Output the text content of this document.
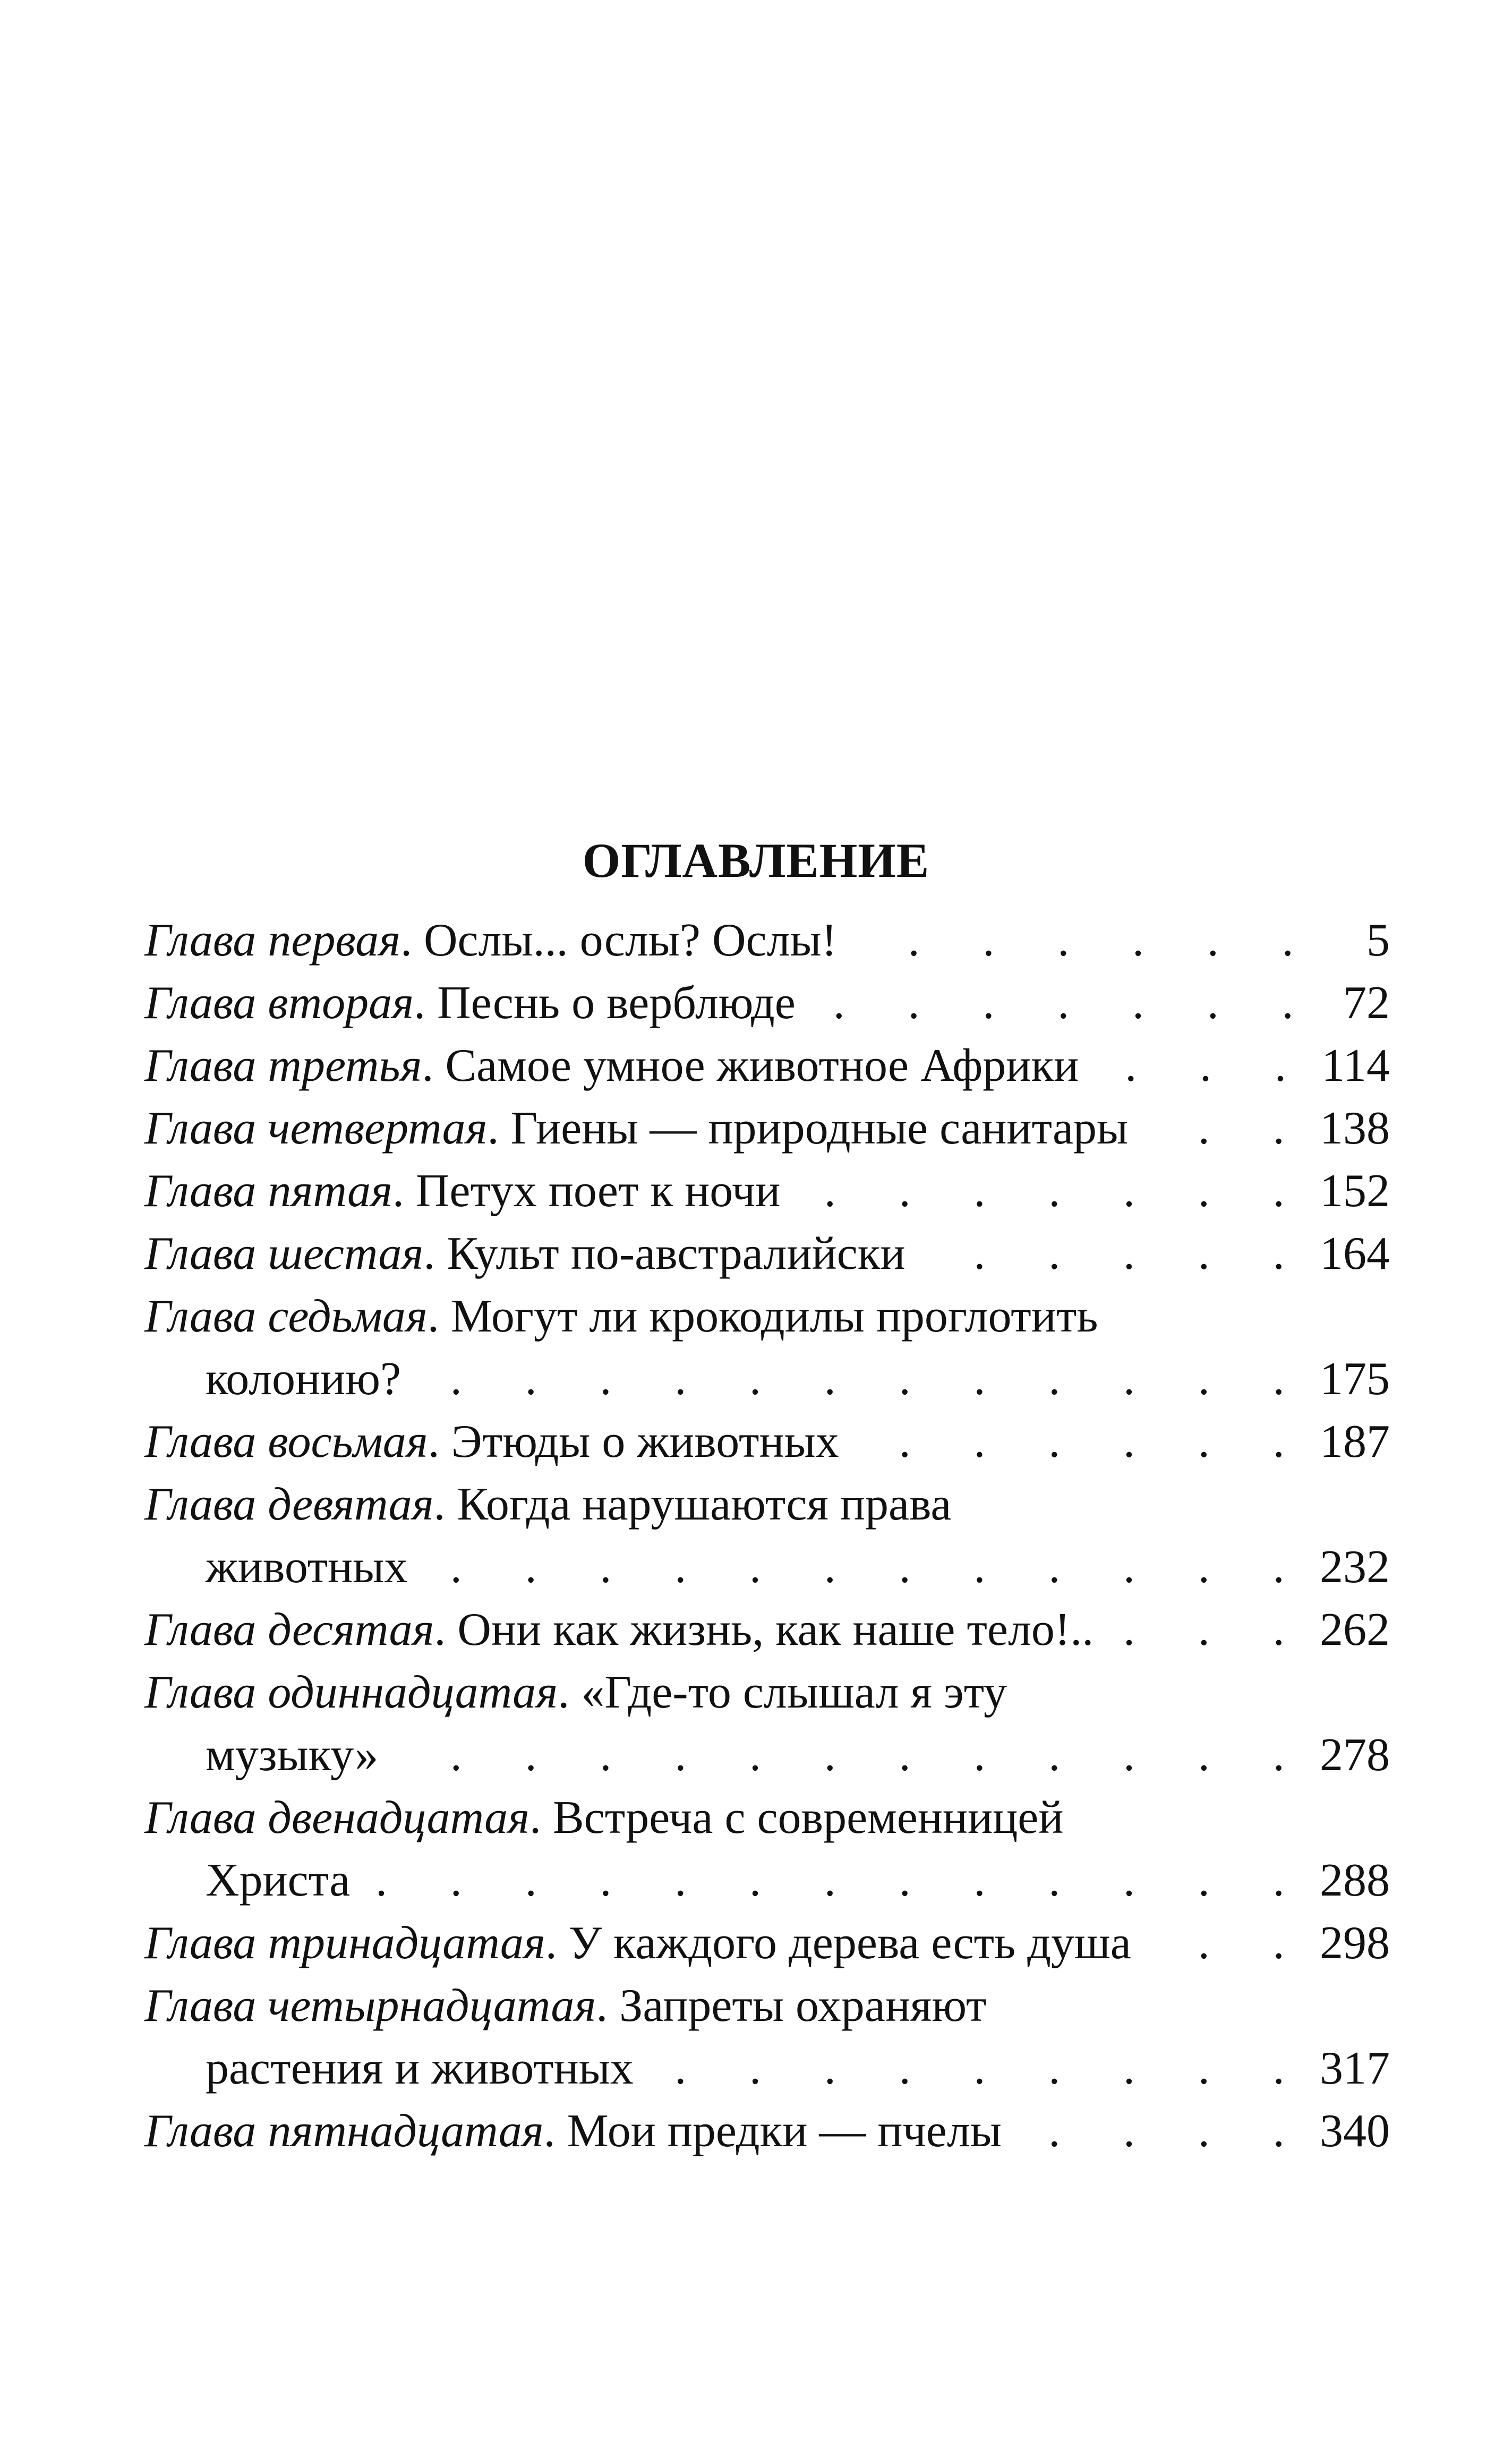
ОГЛАВЛЕНИЕ
Глава первая . Ослы... ослы? Ослы! . . .	5
Глава вторая . Песнь о верблюде . . .	72
Глава третья . Самое умное животное Африки . . .	114
Глава четвертая . Гиены — природные санитары . . .	138
Глава пятая . Петух поет к ночи . . .	152
Глава шестая . Культ по-австралийски . . .	164
Глава седьмая . Могут ли крокодилы проглотить
колонию? . . .	175
Глава восьмая . Этюды о животных . . .	187
Глава девятая . Когда нарушаются права
животных . . .	232
Глава десятая . Они как жизнь, как наше тело!.. . . .	262
Глава одиннадцатая . «Где-то слышал я эту
музыку» . . .	278
Глава двенадцатая . Встреча с современницей
Христа . . .	288
Глава тринадцатая . У каждого дерева есть душа . . .	298
Глава четырнадцатая . Запреты охраняют
растения и животных . . .	317
Глава пятнадцатая . Мои предки — пчелы . . .	340
